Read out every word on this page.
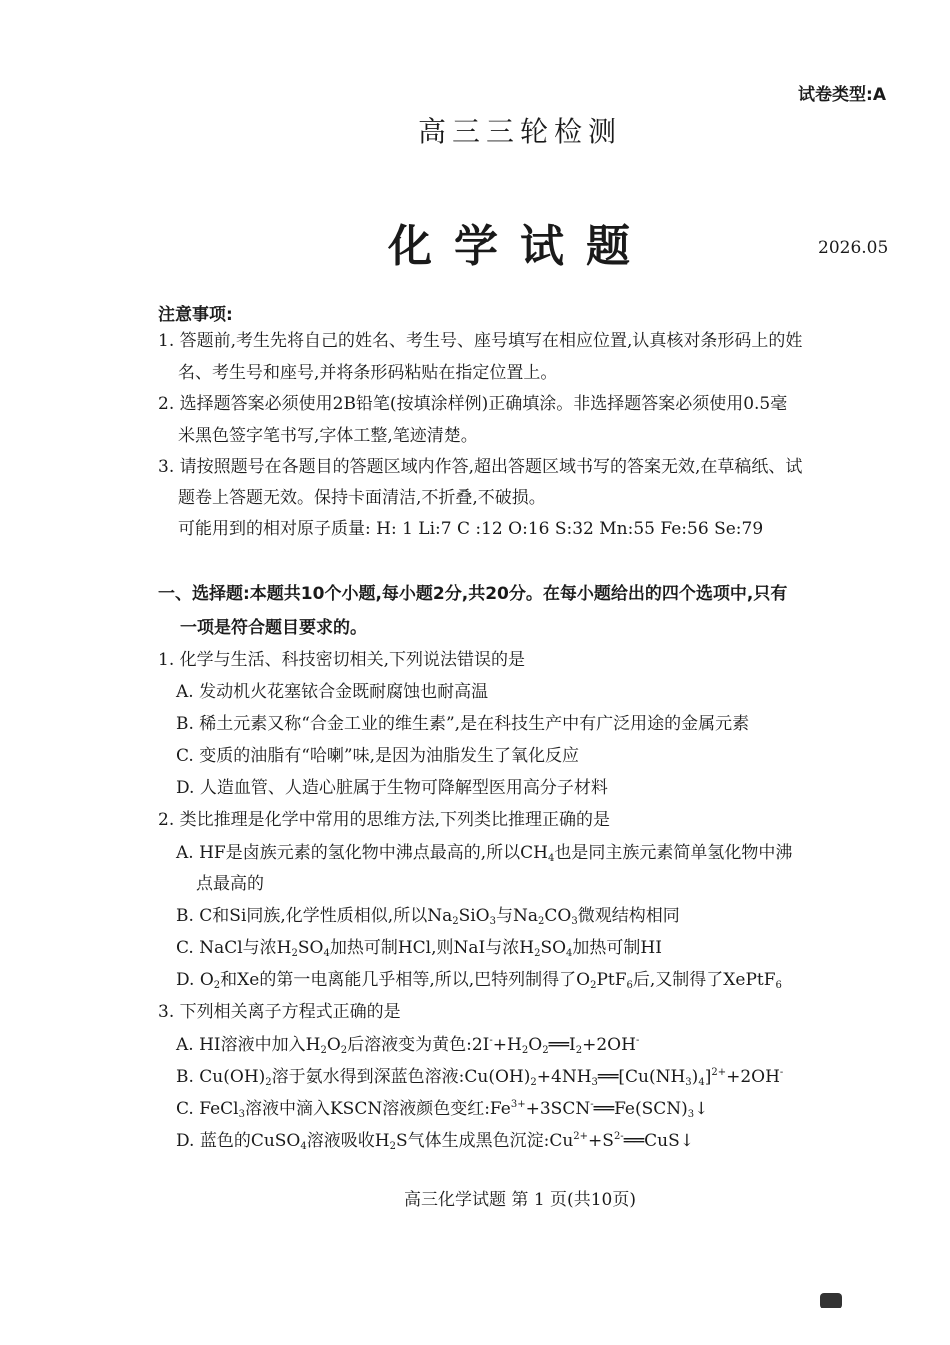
试卷类型:A
高三三轮检测
化学试题	2026.05
注意事项:
1. 答题前,考生先将自己的姓名、考生号、座号填写在相应位置,认真核对条形码上的姓
名、考生号和座号,并将条形码粘贴在指定位置上。
2. 选择题答案必须使用2B铅笔(按填涂样例)正确填涂。非选择题答案必须使用0.5毫
米黑色签字笔书写,字体工整,笔迹清楚。
3. 请按照题号在各题目的答题区域内作答,超出答题区域书写的答案无效,在草稿纸、试
题卷上答题无效。保持卡面清洁,不折叠,不破损。
可能用到的相对原子质量: H: 1 Li:7 C :12 O:16 S:32 Mn:55 Fe:56 Se:79
一、选择题:本题共10个小题,每小题2分,共20分。在每小题给出的四个选项中,只有
一项是符合题目要求的。
1. 化学与生活、科技密切相关,下列说法错误的是
A. 发动机火花塞铱合金既耐腐蚀也耐高温
B. 稀土元素又称“合金工业的维生素”,是在科技生产中有广泛用途的金属元素
C. 变质的油脂有“哈喇”味,是因为油脂发生了氧化反应
D. 人造血管、人造心脏属于生物可降解型医用高分子材料
2. 类比推理是化学中常用的思维方法,下列类比推理正确的是
A. HF是卤族元素的氢化物中沸点最高的,所以$CH_4$也是同主族元素简单氢化物中沸
点最高的
B. C和Si同族,化学性质相似,所以$Na_2SiO_3$与$Na_2CO_3$微观结构相同
C. NaCl与浓$H_2SO_4$加热可制HCl,则NaI与浓$H_2SO_4$加热可制HI
D. $O_2$和Xe的第一电离能几乎相等,所以,巴特列制得了$O_2PtF_6$后,又制得了XePtF$_6$
3. 下列相关离子方程式正确的是
A. HI溶液中加入$H_2O_2$后溶液变为黄色$:2I^-+H_2O_2══I_2+2OH^-$
B. $Cu(OH)_2$溶于氨水得到深蓝色溶液$:Cu(OH)_2+4NH_3══[Cu(NH_3)_4]^{2+}+2OH^-$
C. FeCl$_3$溶液中滴入KSCN溶液颜色变红$:Fe^{3+}+3SCN^-══Fe(SCN)_3↓$
D. 蓝色的CuSO$_4$溶液吸收$H_2S$气体生成黑色沉淀$:Cu^{2+}+S^{2-}══CuS↓$
高三化学试题 第 1 页(共10页)
